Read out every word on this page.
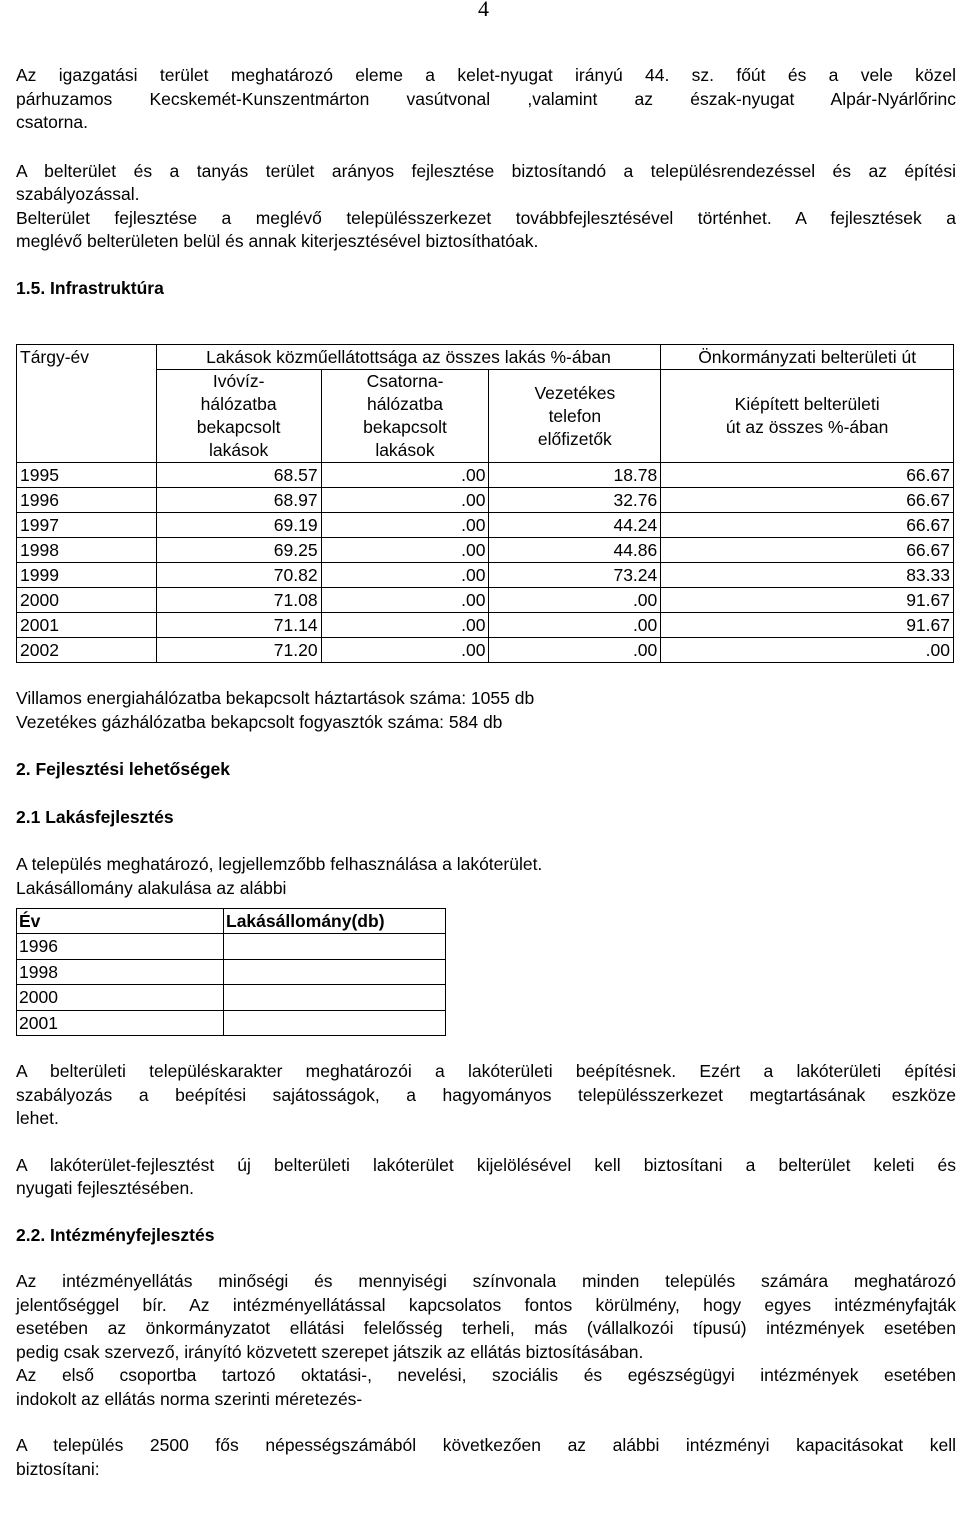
4

Az igazgatási terület meghatározó eleme a kelet-nyugat irányú 44. sz. főút és a vele közel
párhuzamos Kecskemét-Kunszentmárton vasútvonal ,valamint az észak-nyugat Alpár-Nyárlőrinc
csatorna.

A belterület és a tanyás terület arányos fejlesztése biztosítandó a településrendezéssel és az építési
szabályozással.

Belterület fejlesztése a meglévő településszerkezet továbbfejlesztésével történhet. A fejlesztések a
meglévő belterületen belül és annak kiterjesztésével biztosíthatóak.

1.5. Infrastruktúra

Tárgy-év	Lakások közműellátottsága az összes lakás %-ában			Önkormányzati belterületi út
	Ivóvíz-
hálózatba
bekapcsolt
lakások	Csatorna-
hálózatba
bekapcsolt
lakások	Vezetékes
telefon
előfizetők	Kiépített belterületi
út az összes %-ában
1995	68.57	.00	18.78	66.67
1996	68.97	.00	32.76	66.67
1997	69.19	.00	44.24	66.67
1998	69.25	.00	44.86	66.67
1999	70.82	.00	73.24	83.33
2000	71.08	.00	.00	91.67
2001	71.14	.00	.00	91.67
2002	71.20	.00	.00	.00

Villamos energiahálózatba bekapcsolt háztartások száma: 1055 db
Vezetékes gázhálózatba bekapcsolt fogyasztók száma: 584 db

2. Fejlesztési lehetőségek

2.1 Lakásfejlesztés

A település meghatározó, legjellemzőbb felhasználása a lakóterület.
Lakásállomány alakulása az alábbi

Év	Lakásállomány(db)
1996	
1998	
2000	
2001	

A belterületi településkarakter meghatározói a lakóterületi beépítésnek. Ezért a lakóterületi építési
szabályozás a beépítési sajátosságok, a hagyományos településszerkezet megtartásának eszköze
lehet.

A lakóterület-fejlesztést új belterületi lakóterület kijelölésével kell biztosítani a belterület keleti és
nyugati fejlesztésében.

2.2. Intézményfejlesztés

Az intézményellátás minőségi és mennyiségi színvonala minden település számára meghatározó
jelentőséggel bír. Az intézményellátással kapcsolatos fontos körülmény, hogy egyes intézményfajták
esetében az önkormányzatot ellátási felelősség terheli, más (vállalkozói típusú) intézmények esetében
pedig csak szervező, irányító közvetett szerepet játszik az ellátás biztosításában.
Az első csoportba tartozó oktatási-, nevelési, szociális és egészségügyi intézmények esetében
indokolt az ellátás norma szerinti méretezés-

A település 2500 fős népességszámából következően az alábbi intézményi kapacitásokat kell
biztosítani:
